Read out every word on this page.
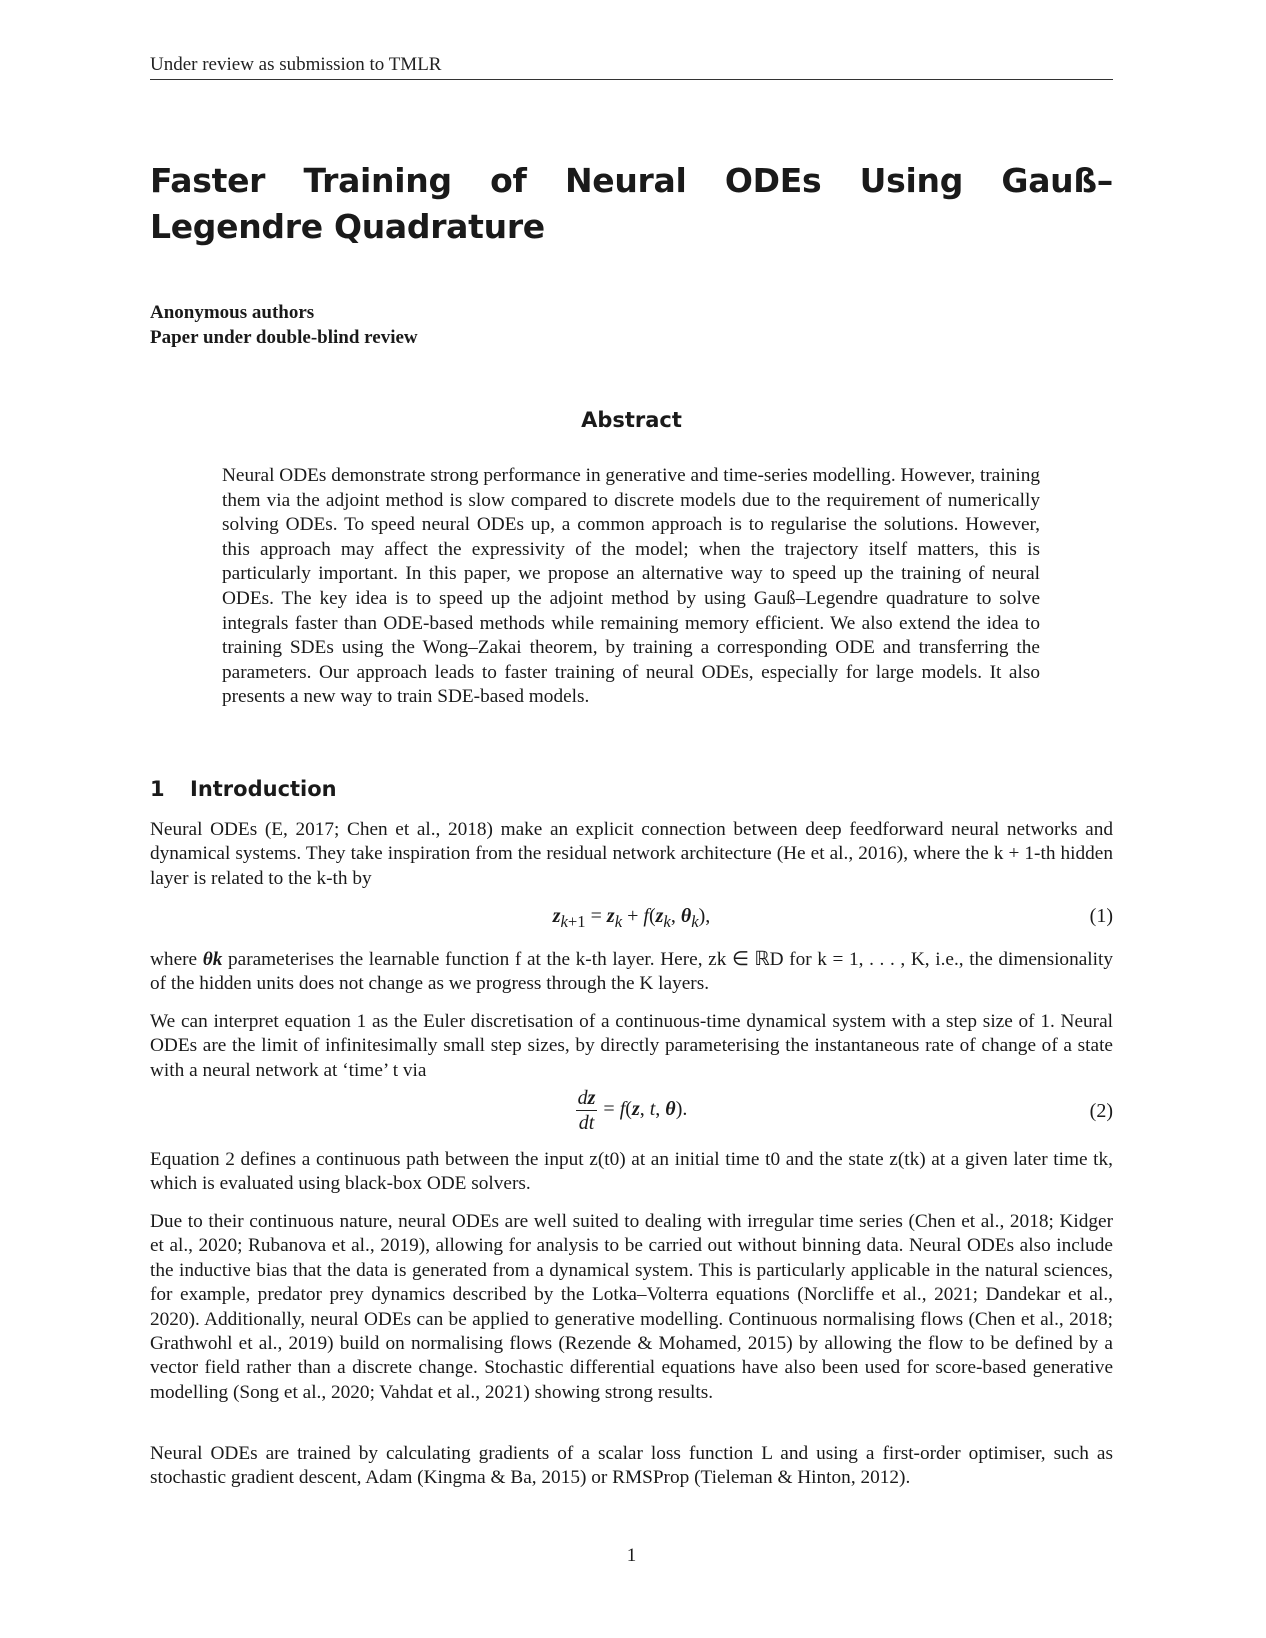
Under review as submission to TMLR
Faster Training of Neural ODEs Using Gauß–Legendre Quadrature
Anonymous authors
Paper under double-blind review
Abstract
Neural ODEs demonstrate strong performance in generative and time-series modelling. However, training them via the adjoint method is slow compared to discrete models due to the requirement of numerically solving ODEs. To speed neural ODEs up, a common approach is to regularise the solutions. However, this approach may affect the expressivity of the model; when the trajectory itself matters, this is particularly important. In this paper, we propose an alternative way to speed up the training of neural ODEs. The key idea is to speed up the adjoint method by using Gauß–Legendre quadrature to solve integrals faster than ODE-based methods while remaining memory efficient. We also extend the idea to training SDEs using the Wong–Zakai theorem, by training a corresponding ODE and transferring the parameters. Our approach leads to faster training of neural ODEs, especially for large models. It also presents a new way to train SDE-based models.
1 Introduction
Neural ODEs (E, 2017; Chen et al., 2018) make an explicit connection between deep feedforward neural networks and dynamical systems. They take inspiration from the residual network architecture (He et al., 2016), where the k + 1-th hidden layer is related to the k-th by
$z_{k+1} = z_k + f(z_k$, $\theta_k$),	(1)
where θk parameterises the learnable function f at the k-th layer. Here, zk ∈ ℝD for k = 1, . . . , K, i.e., the dimensionality of the hidden units does not change as we progress through the K layers.
We can interpret equation 1 as the Euler discretisation of a continuous-time dynamical system with a step size of 1. Neural ODEs are the limit of infinitesimally small step sizes, by directly parameterising the instantaneous rate of change of a state with a neural network at ‘time’ t via
$\frac{dz}{dt} = f(z$, t, θ).	(2)
Equation 2 defines a continuous path between the input z(t0) at an initial time t0 and the state z(tk) at a given later time tk, which is evaluated using black-box ODE solvers.
Due to their continuous nature, neural ODEs are well suited to dealing with irregular time series (Chen et al., 2018; Kidger et al., 2020; Rubanova et al., 2019), allowing for analysis to be carried out without binning data. Neural ODEs also include the inductive bias that the data is generated from a dynamical system. This is particularly applicable in the natural sciences, for example, predator prey dynamics described by the Lotka–Volterra equations (Norcliffe et al., 2021; Dandekar et al., 2020). Additionally, neural ODEs can be applied to generative modelling. Continuous normalising flows (Chen et al., 2018; Grathwohl et al., 2019) build on normalising flows (Rezende & Mohamed, 2015) by allowing the flow to be defined by a vector field rather than a discrete change. Stochastic differential equations have also been used for score-based generative modelling (Song et al., 2020; Vahdat et al., 2021) showing strong results.
Neural ODEs are trained by calculating gradients of a scalar loss function L and using a first-order optimiser, such as stochastic gradient descent, Adam (Kingma & Ba, 2015) or RMSProp (Tieleman & Hinton, 2012).
1
